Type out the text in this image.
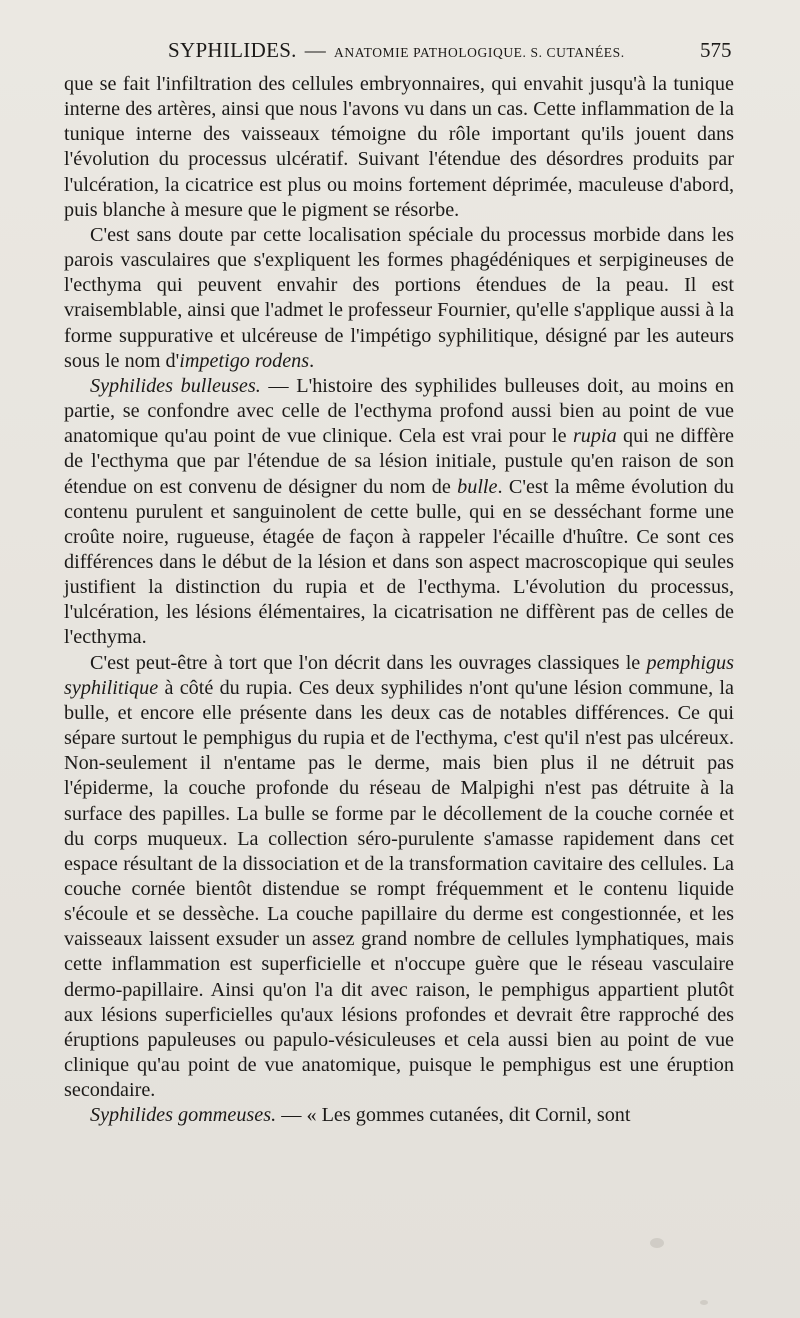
SYPHILIDES. — ANATOMIE PATHOLOGIQUE. S. CUTANÉES.	575

que se fait l'infiltration des cellules embryonnaires, qui envahit jusqu'à la tunique interne des artères, ainsi que nous l'avons vu dans un cas. Cette inflammation de la tunique interne des vaisseaux témoigne du rôle important qu'ils jouent dans l'évolution du processus ulcératif. Suivant l'étendue des désordres produits par l'ulcération, la cicatrice est plus ou moins fortement déprimée, maculeuse d'abord, puis blanche à mesure que le pigment se résorbe.

C'est sans doute par cette localisation spéciale du processus morbide dans les parois vasculaires que s'expliquent les formes phagédéniques et serpigineuses de l'ecthyma qui peuvent envahir des portions étendues de la peau. Il est vraisemblable, ainsi que l'admet le professeur Fournier, qu'elle s'applique aussi à la forme suppurative et ulcéreuse de l'impétigo syphilitique, désigné par les auteurs sous le nom d'impetigo rodens.

Syphilides bulleuses. — L'histoire des syphilides bulleuses doit, au moins en partie, se confondre avec celle de l'ecthyma profond aussi bien au point de vue anatomique qu'au point de vue clinique. Cela est vrai pour le rupia qui ne diffère de l'ecthyma que par l'étendue de sa lésion initiale, pustule qu'en raison de son étendue on est convenu de désigner du nom de bulle. C'est la même évolution du contenu purulent et sanguinolent de cette bulle, qui en se desséchant forme une croûte noire, rugueuse, étagée de façon à rappeler l'écaille d'huître. Ce sont ces différences dans le début de la lésion et dans son aspect macroscopique qui seules justifient la distinction du rupia et de l'ecthyma. L'évolution du processus, l'ulcération, les lésions élémentaires, la cicatrisation ne diffèrent pas de celles de l'ecthyma.

C'est peut-être à tort que l'on décrit dans les ouvrages classiques le pemphigus syphilitique à côté du rupia. Ces deux syphilides n'ont qu'une lésion commune, la bulle, et encore elle présente dans les deux cas de notables différences. Ce qui sépare surtout le pemphigus du rupia et de l'ecthyma, c'est qu'il n'est pas ulcéreux. Non-seulement il n'entame pas le derme, mais bien plus il ne détruit pas l'épiderme, la couche profonde du réseau de Malpighi n'est pas détruite à la surface des papilles. La bulle se forme par le décollement de la couche cornée et du corps muqueux. La collection séro-purulente s'amasse rapidement dans cet espace résultant de la dissociation et de la transformation cavitaire des cellules. La couche cornée bientôt distendue se rompt fréquemment et le contenu liquide s'écoule et se dessèche. La couche papillaire du derme est congestionnée, et les vaisseaux laissent exsuder un assez grand nombre de cellules lymphatiques, mais cette inflammation est superficielle et n'occupe guère que le réseau vasculaire dermo-papillaire. Ainsi qu'on l'a dit avec raison, le pemphigus appartient plutôt aux lésions superficielles qu'aux lésions profondes et devrait être rapproché des éruptions papuleuses ou papulo-vésiculeuses et cela aussi bien au point de vue clinique qu'au point de vue anatomique, puisque le pemphigus est une éruption secondaire.

Syphilides gommeuses. — « Les gommes cutanées, dit Cornil, sont
